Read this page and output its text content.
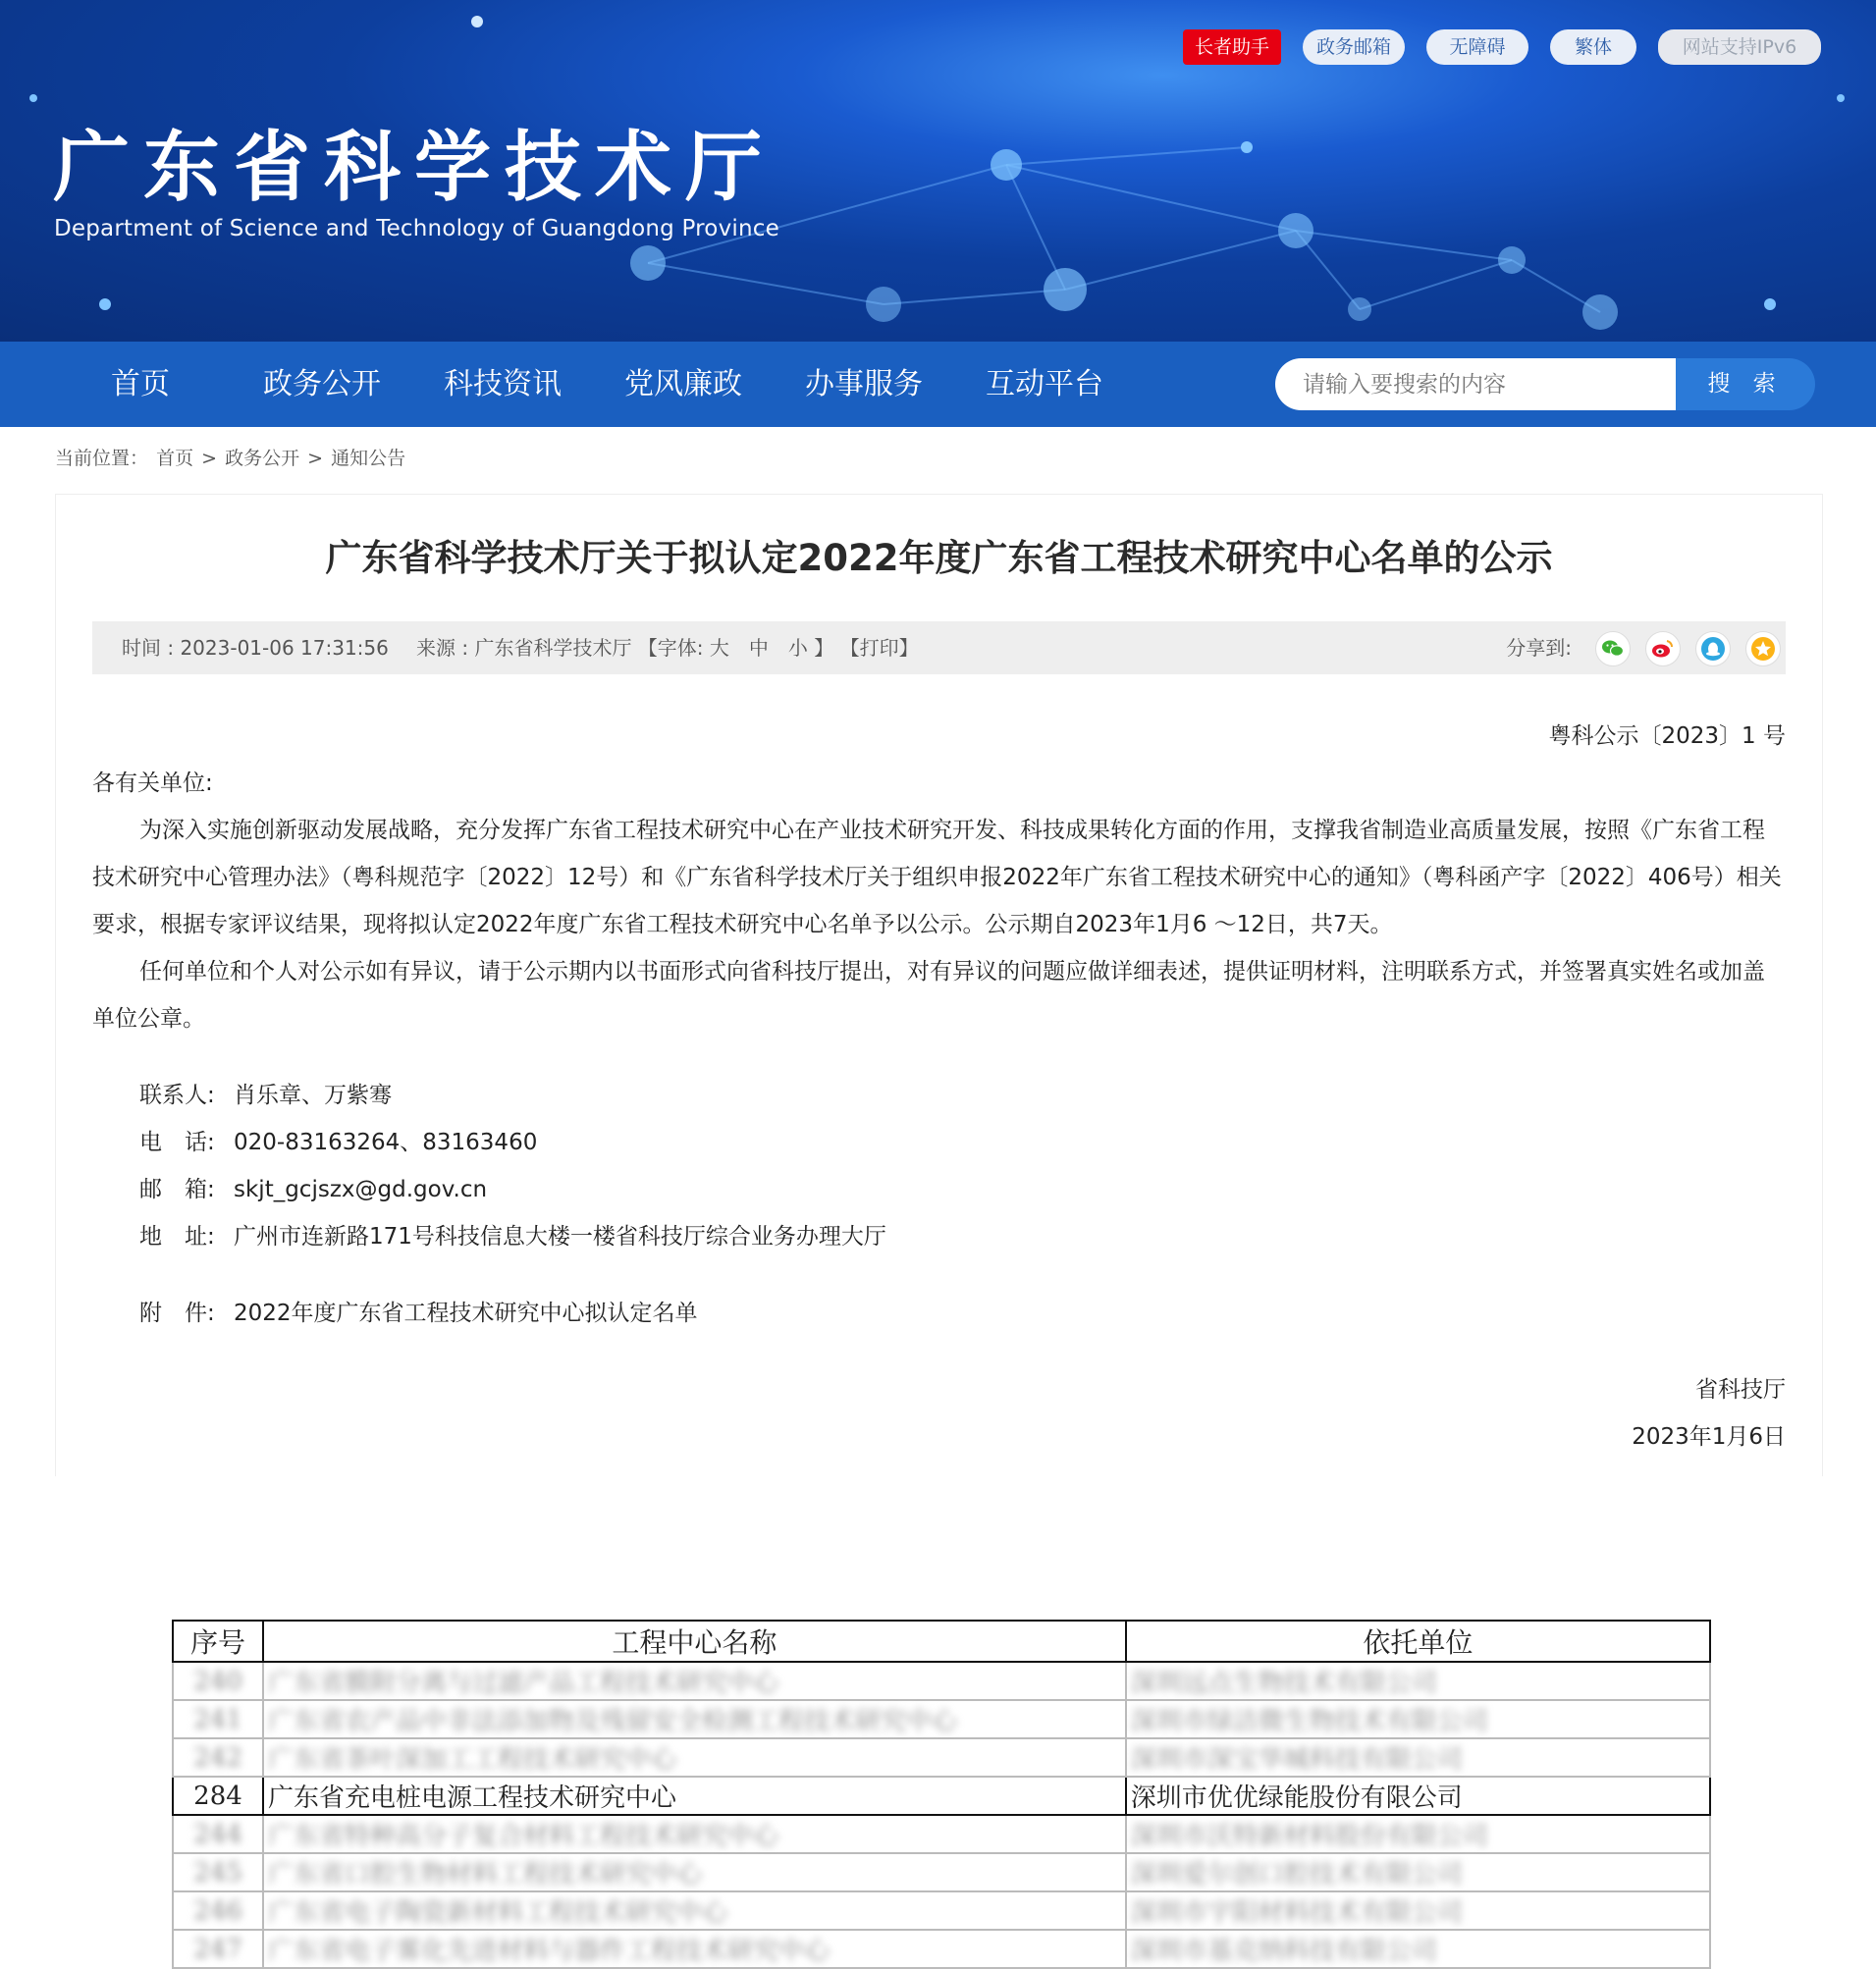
长者助手	政务邮箱	无障碍	繁体	网站支持IPv6
广东省科学技术厅
Department of Science and Technology of Guangdong Province
首页	政务公开 科技资讯 党风廉政 办事服务 互动平台
请输入要搜索的内容	搜 索
当前位置： 首页 > 政务公开 > 通知公告
广东省科学技术厅关于拟认定2022年度广东省工程技术研究中心名单的公示
时间 : 2023-01-06 17:31:56 来源 : 广东省科学技术厅 【字体: 大　中　小 】 【打印】	分享到:
粤科公示〔2023〕1 号
各有关单位:
为深入实施创新驱动发展战略，充分发挥广东省工程技术研究中心在产业技术研究开发、科技成果转化方面的作用，支撑我省制造业高质量发展，按照《广东省工程技术研究中心管理办法》（粤科规范字〔2022〕12号）和《广东省科学技术厅关于组织申报2022年广东省工程技术研究中心的通知》（粤科函产字〔2022〕406号）相关要求，根据专家评议结果，现将拟认定2022年度广东省工程技术研究中心名单予以公示。公示期自2023年1月6 ～12日，共7天。
任何单位和个人对公示如有异议，请于公示期内以书面形式向省科技厅提出，对有异议的问题应做详细表述，提供证明材料，注明联系方式，并签署真实姓名或加盖单位公章。
联系人: 肖乐章、万紫骞
电　话: 020-83163264、83163460
邮　箱: skjt_gcjszx@gd.gov.cn
地　址: 广州市连新路171号科技信息大楼一楼省科技厅综合业务办理大厅
附　件: 2022年度广东省工程技术研究中心拟认定名单
省科技厅
2023年1月6日
序号	工程中心名称	依托单位
240	广东省膜附分离与过滤产品工程技术研究中心	深圳远点生物技术有限公司
241	广东省农产品中非法添加物及残留安全检测工程技术研究中心	深圳市绿洁微生物技术有限公司
242	广东省茶叶深加工工程技术研究中心	深圳市深宝华城科技有限公司
284	广东省充电桩电源工程技术研究中心	深圳市优优绿能股份有限公司
244	广东省特种高分子复合材料工程技术研究中心	深圳市沃特新材料股份有限公司
245	广东省口腔生物材料工程技术研究中心	深圳爱尔创口腔技术有限公司
246	广东省电子陶瓷新材料工程技术研究中心	深圳市宇阳材料技术有限公司
247	广东省电子雾化先进材料与器件工程技术研究中心	深圳市基克纳科技有限公司
